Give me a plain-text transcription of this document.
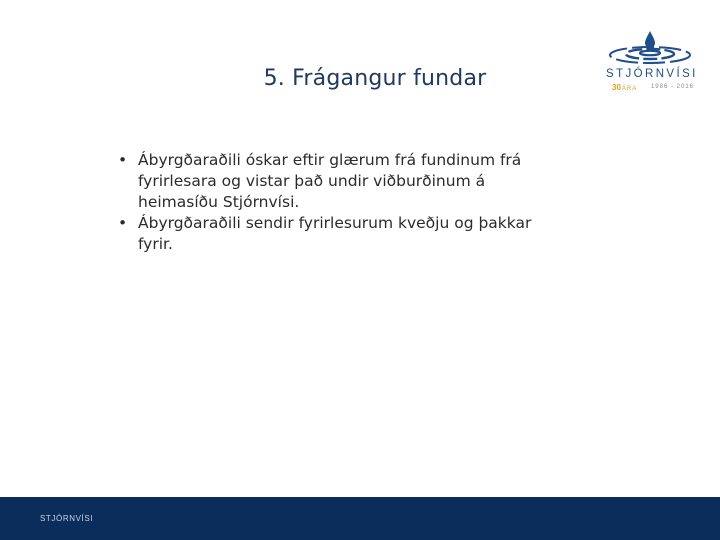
STJÓRNVÍSI
30ÁRA 1986 - 2016
5. Frágangur fundar
• Ábyrgðaraðili óskar eftir glærum frá fundinum frá fyrirlesara og vistar það undir viðburðinum á heimasíðu Stjórnvísi.
• Ábyrgðaraðili sendir fyrirlesurum kveðju og þakkar fyrir.
STJÓRNVÍSI
